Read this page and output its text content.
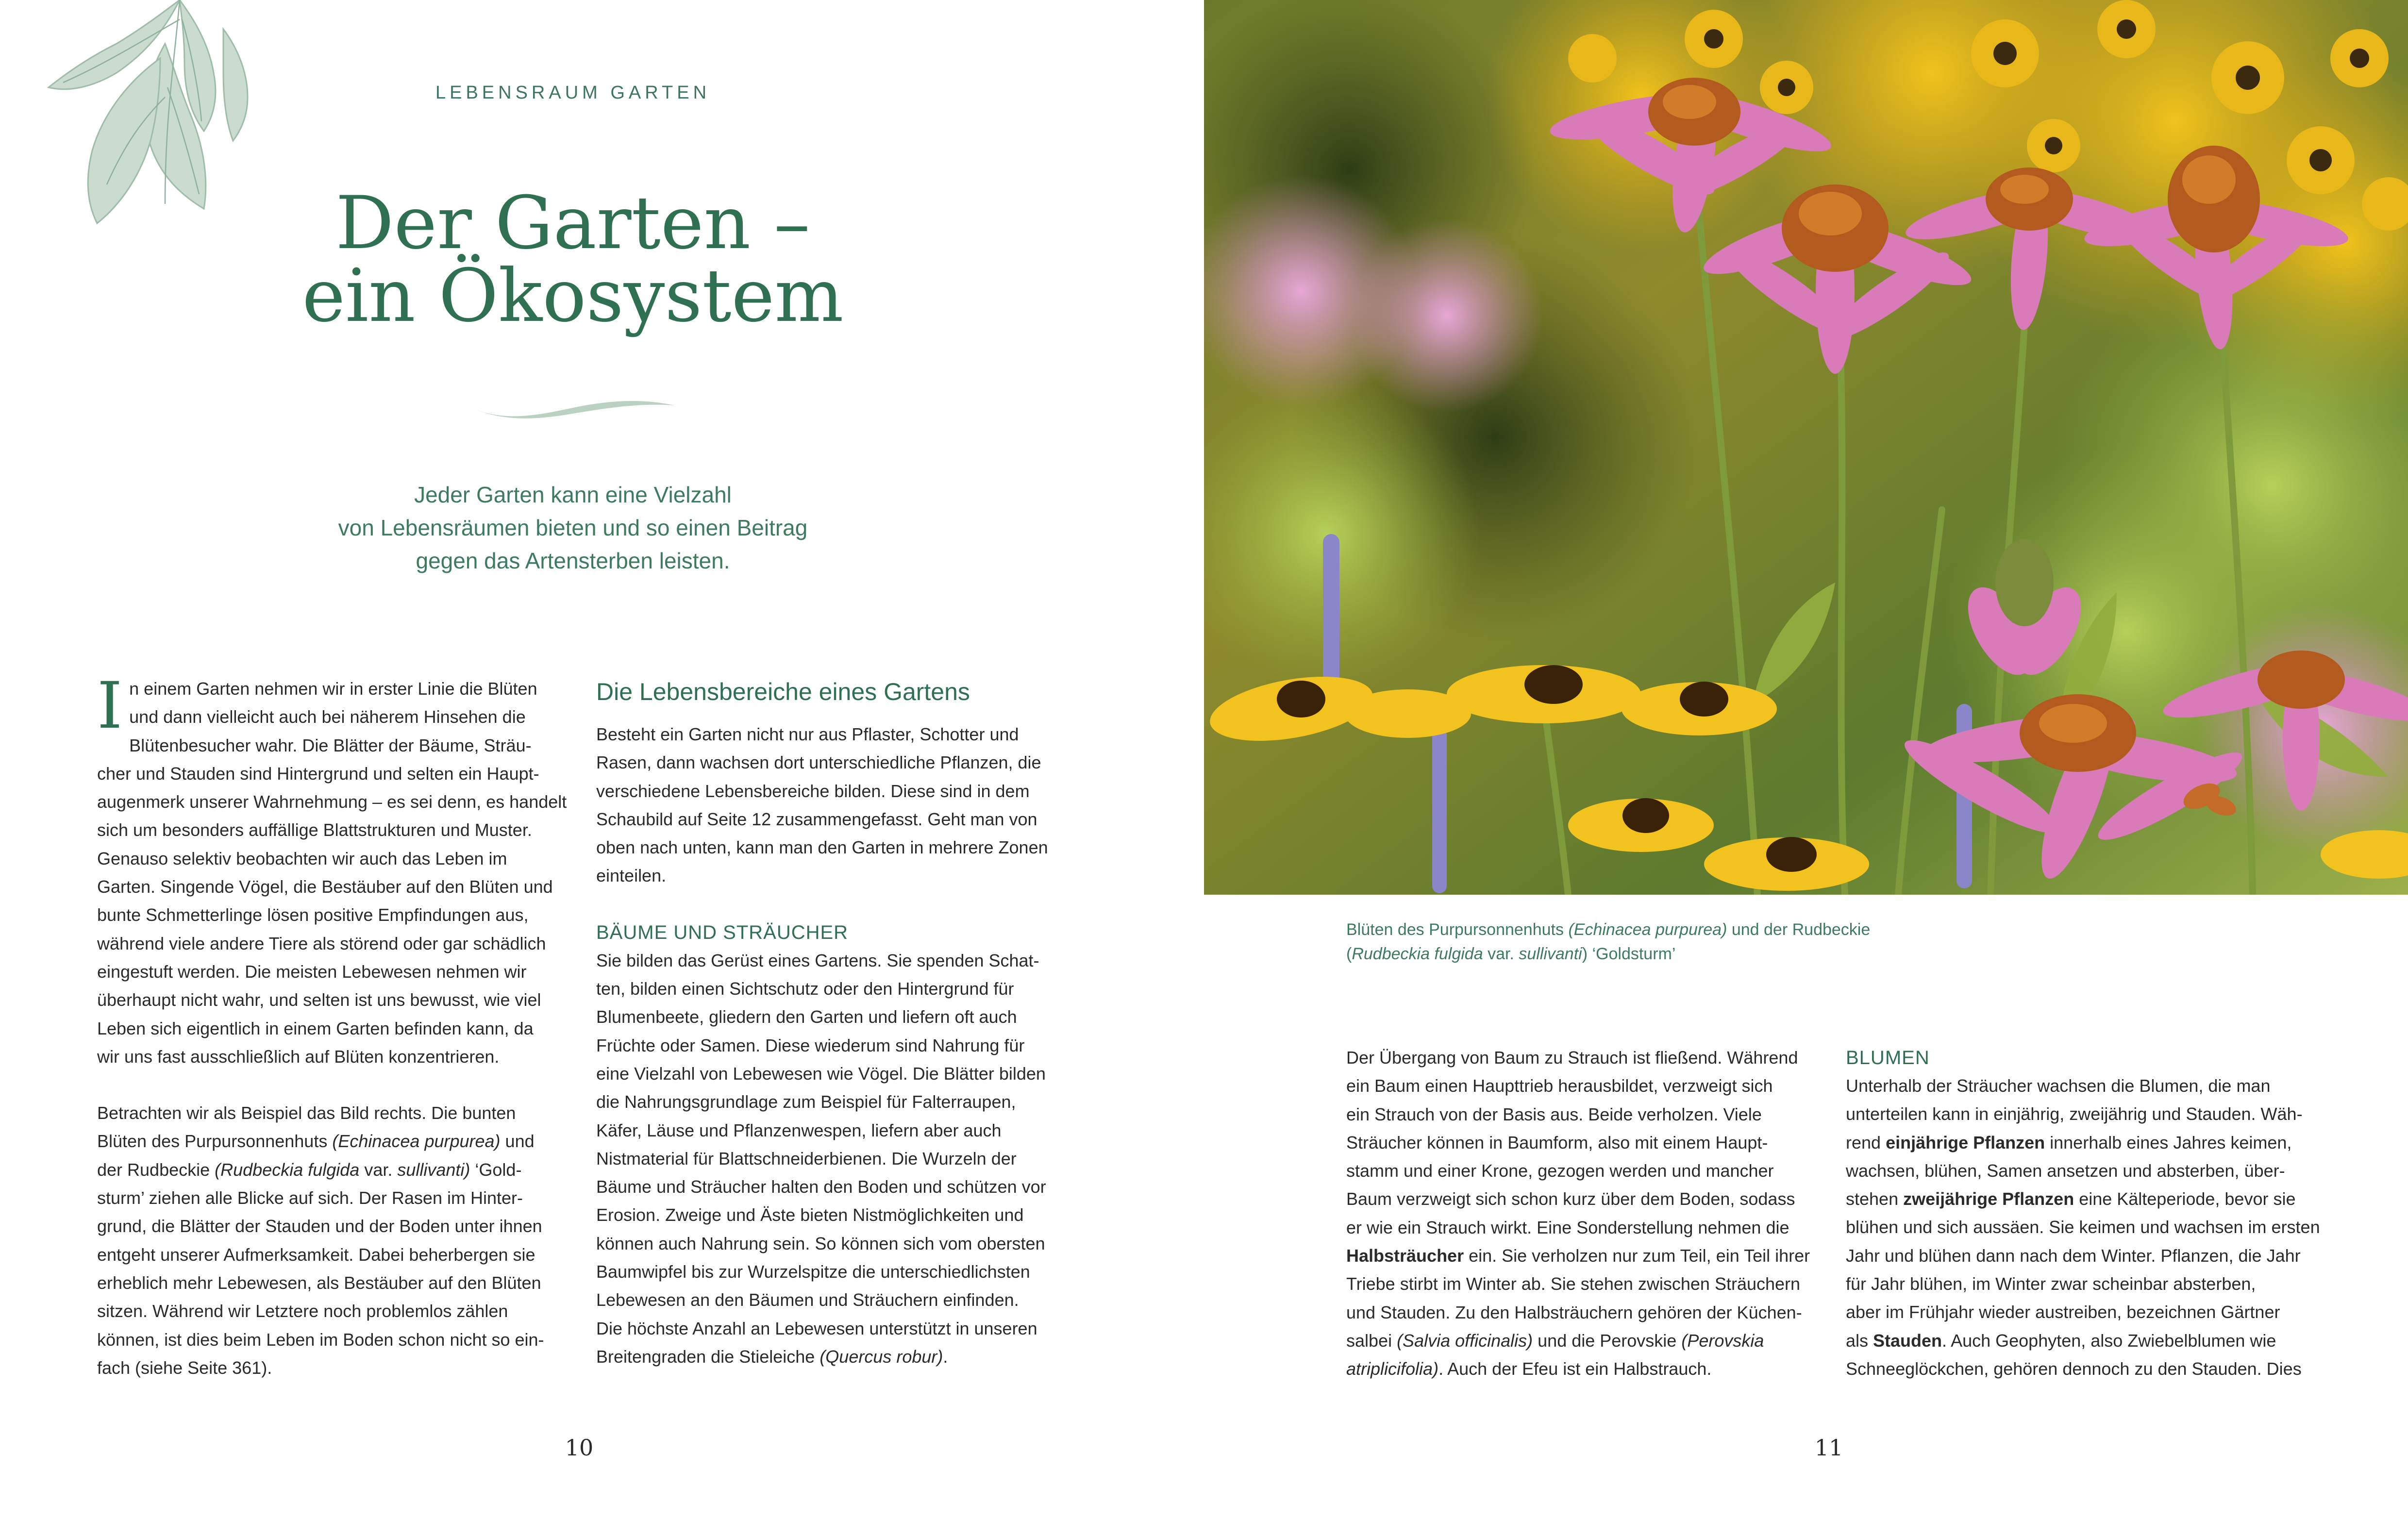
LEBENSRAUM GARTEN
Der Garten –
ein Ökosystem
Jeder Garten kann eine Vielzahl
von Lebensräumen bieten und so einen Beitrag
gegen das Artensterben leisten.
I n einem Garten nehmen wir in erster Linie die Blüten
und dann vielleicht auch bei näherem Hinsehen die
Blütenbesucher wahr. Die Blätter der Bäume, Sträu-
cher und Stauden sind Hintergrund und selten ein Haupt-
augenmerk unserer Wahrnehmung – es sei denn, es handelt
sich um besonders auffällige Blattstrukturen und Muster.
Genauso selektiv beobachten wir auch das Leben im
Garten. Singende Vögel, die Bestäuber auf den Blüten und
bunte Schmetterlinge lösen positive Empfindungen aus,
während viele andere Tiere als störend oder gar schädlich
eingestuft werden. Die meisten Lebewesen nehmen wir
überhaupt nicht wahr, und selten ist uns bewusst, wie viel
Leben sich eigentlich in einem Garten befinden kann, da
wir uns fast ausschließlich auf Blüten konzentrieren.

Betrachten wir als Beispiel das Bild rechts. Die bunten
Blüten des Purpursonnenhuts (Echinacea purpurea) und
der Rudbeckie (Rudbeckia fulgida var. sullivanti) ‘Gold-
sturm’ ziehen alle Blicke auf sich. Der Rasen im Hinter-
grund, die Blätter der Stauden und der Boden unter ihnen
entgeht unserer Aufmerksamkeit. Dabei beherbergen sie
erheblich mehr Lebewesen, als Bestäuber auf den Blüten
sitzen. Während wir Letztere noch problemlos zählen
können, ist dies beim Leben im Boden schon nicht so ein-
fach (siehe Seite 361).

Die Lebensbereiche eines Gartens

Besteht ein Garten nicht nur aus Pflaster, Schotter und
Rasen, dann wachsen dort unterschiedliche Pflanzen, die
verschiedene Lebensbereiche bilden. Diese sind in dem
Schaubild auf Seite 12 zusammengefasst. Geht man von
oben nach unten, kann man den Garten in mehrere Zonen
einteilen.

BÄUME UND STRÄUCHER

Sie bilden das Gerüst eines Gartens. Sie spenden Schat-
ten, bilden einen Sichtschutz oder den Hintergrund für
Blumenbeete, gliedern den Garten und liefern oft auch
Früchte oder Samen. Diese wiederum sind Nahrung für
eine Vielzahl von Lebewesen wie Vögel. Die Blätter bilden
die Nahrungsgrundlage zum Beispiel für Falterraupen,
Käfer, Läuse und Pflanzenwespen, liefern aber auch
Nistmaterial für Blattschneiderbienen. Die Wurzeln der
Bäume und Sträucher halten den Boden und schützen vor
Erosion. Zweige und Äste bieten Nistmöglichkeiten und
können auch Nahrung sein. So können sich vom obersten
Baumwipfel bis zur Wurzelspitze die unterschiedlichsten
Lebewesen an den Bäumen und Sträuchern einfinden.
Die höchste Anzahl an Lebewesen unterstützt in unseren
Breitengraden die Stieleiche (Quercus robur).

10
Blüten des Purpursonnenhuts (Echinacea purpurea) und der Rudbeckie
(Rudbeckia fulgida var. sullivanti) ‘Goldsturm’

Der Übergang von Baum zu Strauch ist fließend. Während
ein Baum einen Haupttrieb herausbildet, verzweigt sich
ein Strauch von der Basis aus. Beide verholzen. Viele
Sträucher können in Baumform, also mit einem Haupt-
stamm und einer Krone, gezogen werden und mancher
Baum verzweigt sich schon kurz über dem Boden, sodass
er wie ein Strauch wirkt. Eine Sonderstellung nehmen die
Halbsträucher ein. Sie verholzen nur zum Teil, ein Teil ihrer
Triebe stirbt im Winter ab. Sie stehen zwischen Sträuchern
und Stauden. Zu den Halbsträuchern gehören der Küchen-
salbei (Salvia officinalis) und die Perovskie (Perovskia
atriplicifolia). Auch der Efeu ist ein Halbstrauch.

BLUMEN

Unterhalb der Sträucher wachsen die Blumen, die man
unterteilen kann in einjährig, zweijährig und Stauden. Wäh-
rend einjährige Pflanzen innerhalb eines Jahres keimen,
wachsen, blühen, Samen ansetzen und absterben, über-
stehen zweijährige Pflanzen eine Kälteperiode, bevor sie
blühen und sich aussäen. Sie keimen und wachsen im ersten
Jahr und blühen dann nach dem Winter. Pflanzen, die Jahr
für Jahr blühen, im Winter zwar scheinbar absterben,
aber im Frühjahr wieder austreiben, bezeichnen Gärtner
als Stauden. Auch Geophyten, also Zwiebelblumen wie
Schneeglöckchen, gehören dennoch zu den Stauden. Dies

11
